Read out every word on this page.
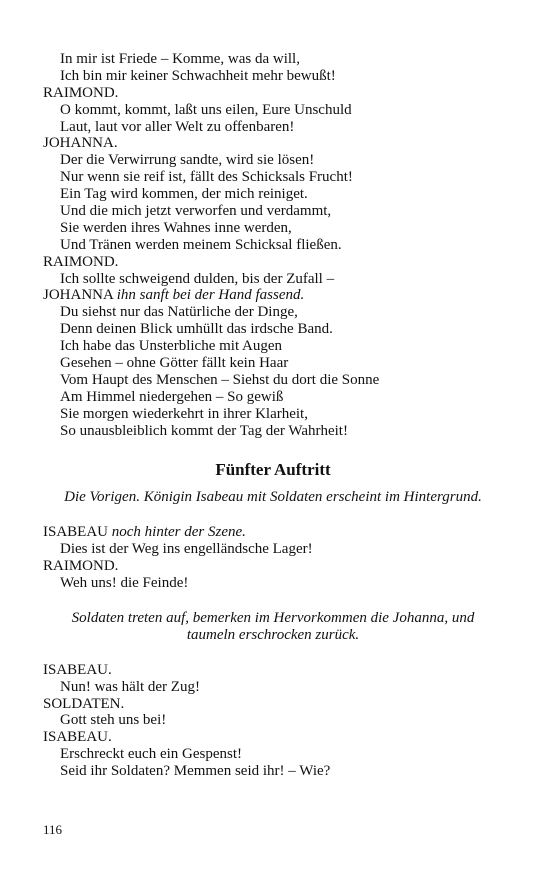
In mir ist Friede – Komme, was da will,
Ich bin mir keiner Schwachheit mehr bewußt!
RAIMOND.
O kommt, kommt, laßt uns eilen, Eure Unschuld
Laut, laut vor aller Welt zu offenbaren!
JOHANNA.
Der die Verwirrung sandte, wird sie lösen!
Nur wenn sie reif ist, fällt des Schicksals Frucht!
Ein Tag wird kommen, der mich reiniget.
Und die mich jetzt verworfen und verdammt,
Sie werden ihres Wahnes inne werden,
Und Tränen werden meinem Schicksal fließen.
RAIMOND.
Ich sollte schweigend dulden, bis der Zufall –
JOHANNA ihn sanft bei der Hand fassend.
Du siehst nur das Natürliche der Dinge,
Denn deinen Blick umhüllt das irdsche Band.
Ich habe das Unsterbliche mit Augen
Gesehen – ohne Götter fällt kein Haar
Vom Haupt des Menschen – Siehst du dort die Sonne
Am Himmel niedergehen – So gewiß
Sie morgen wiederkehrt in ihrer Klarheit,
So unausbleiblich kommt der Tag der Wahrheit!
Fünfter Auftritt
Die Vorigen. Königin Isabeau mit Soldaten erscheint im Hintergrund.
ISABEAU noch hinter der Szene.
Dies ist der Weg ins engelländsche Lager!
RAIMOND.
Weh uns! die Feinde!
Soldaten treten auf, bemerken im Hervorkommen die Johanna, und
taumeln erschrocken zurück.
ISABEAU.
Nun! was hält der Zug!
SOLDATEN.
Gott steh uns bei!
ISABEAU.
Erschreckt euch ein Gespenst!
Seid ihr Soldaten? Memmen seid ihr! – Wie?
116
